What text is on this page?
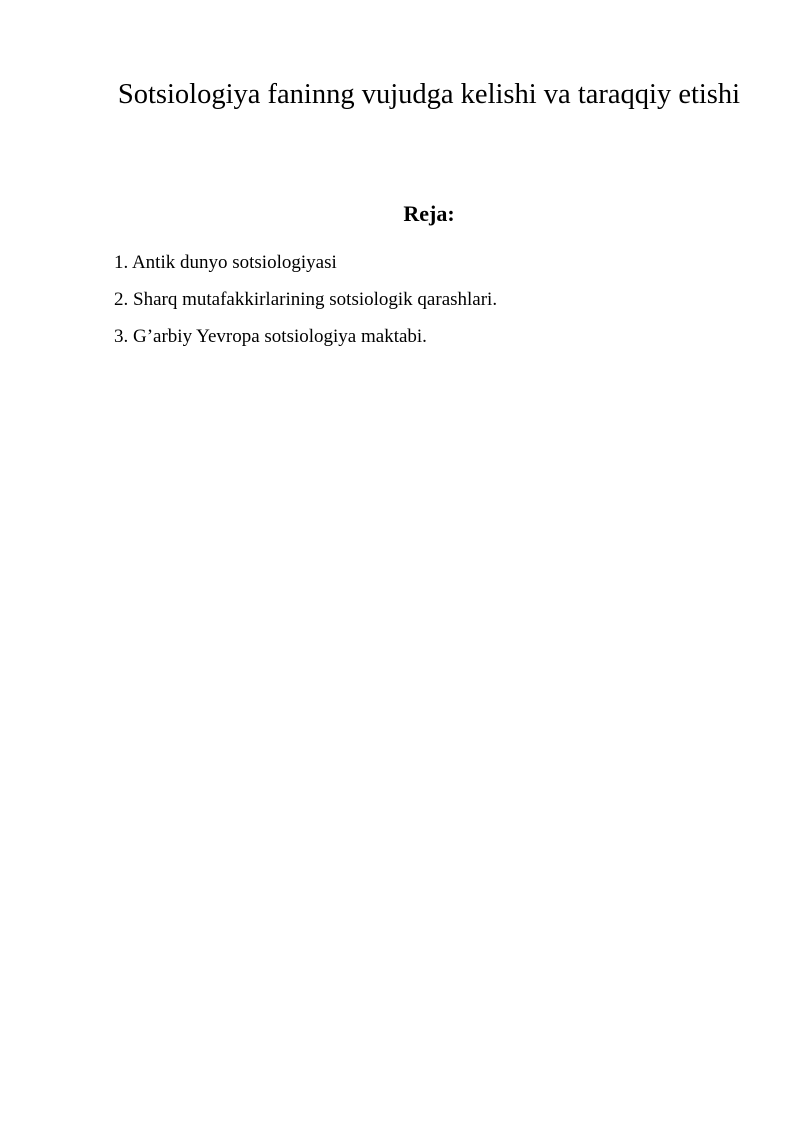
Sotsiologiya faninng vujudga kelishi va taraqqiy etishi
Reja:
1. Antik dunyo sotsiologiyasi
2. Sharq mutafakkirlarining sotsiologik qarashlari.
3. G’arbiy Yevropa sotsiologiya maktabi.
